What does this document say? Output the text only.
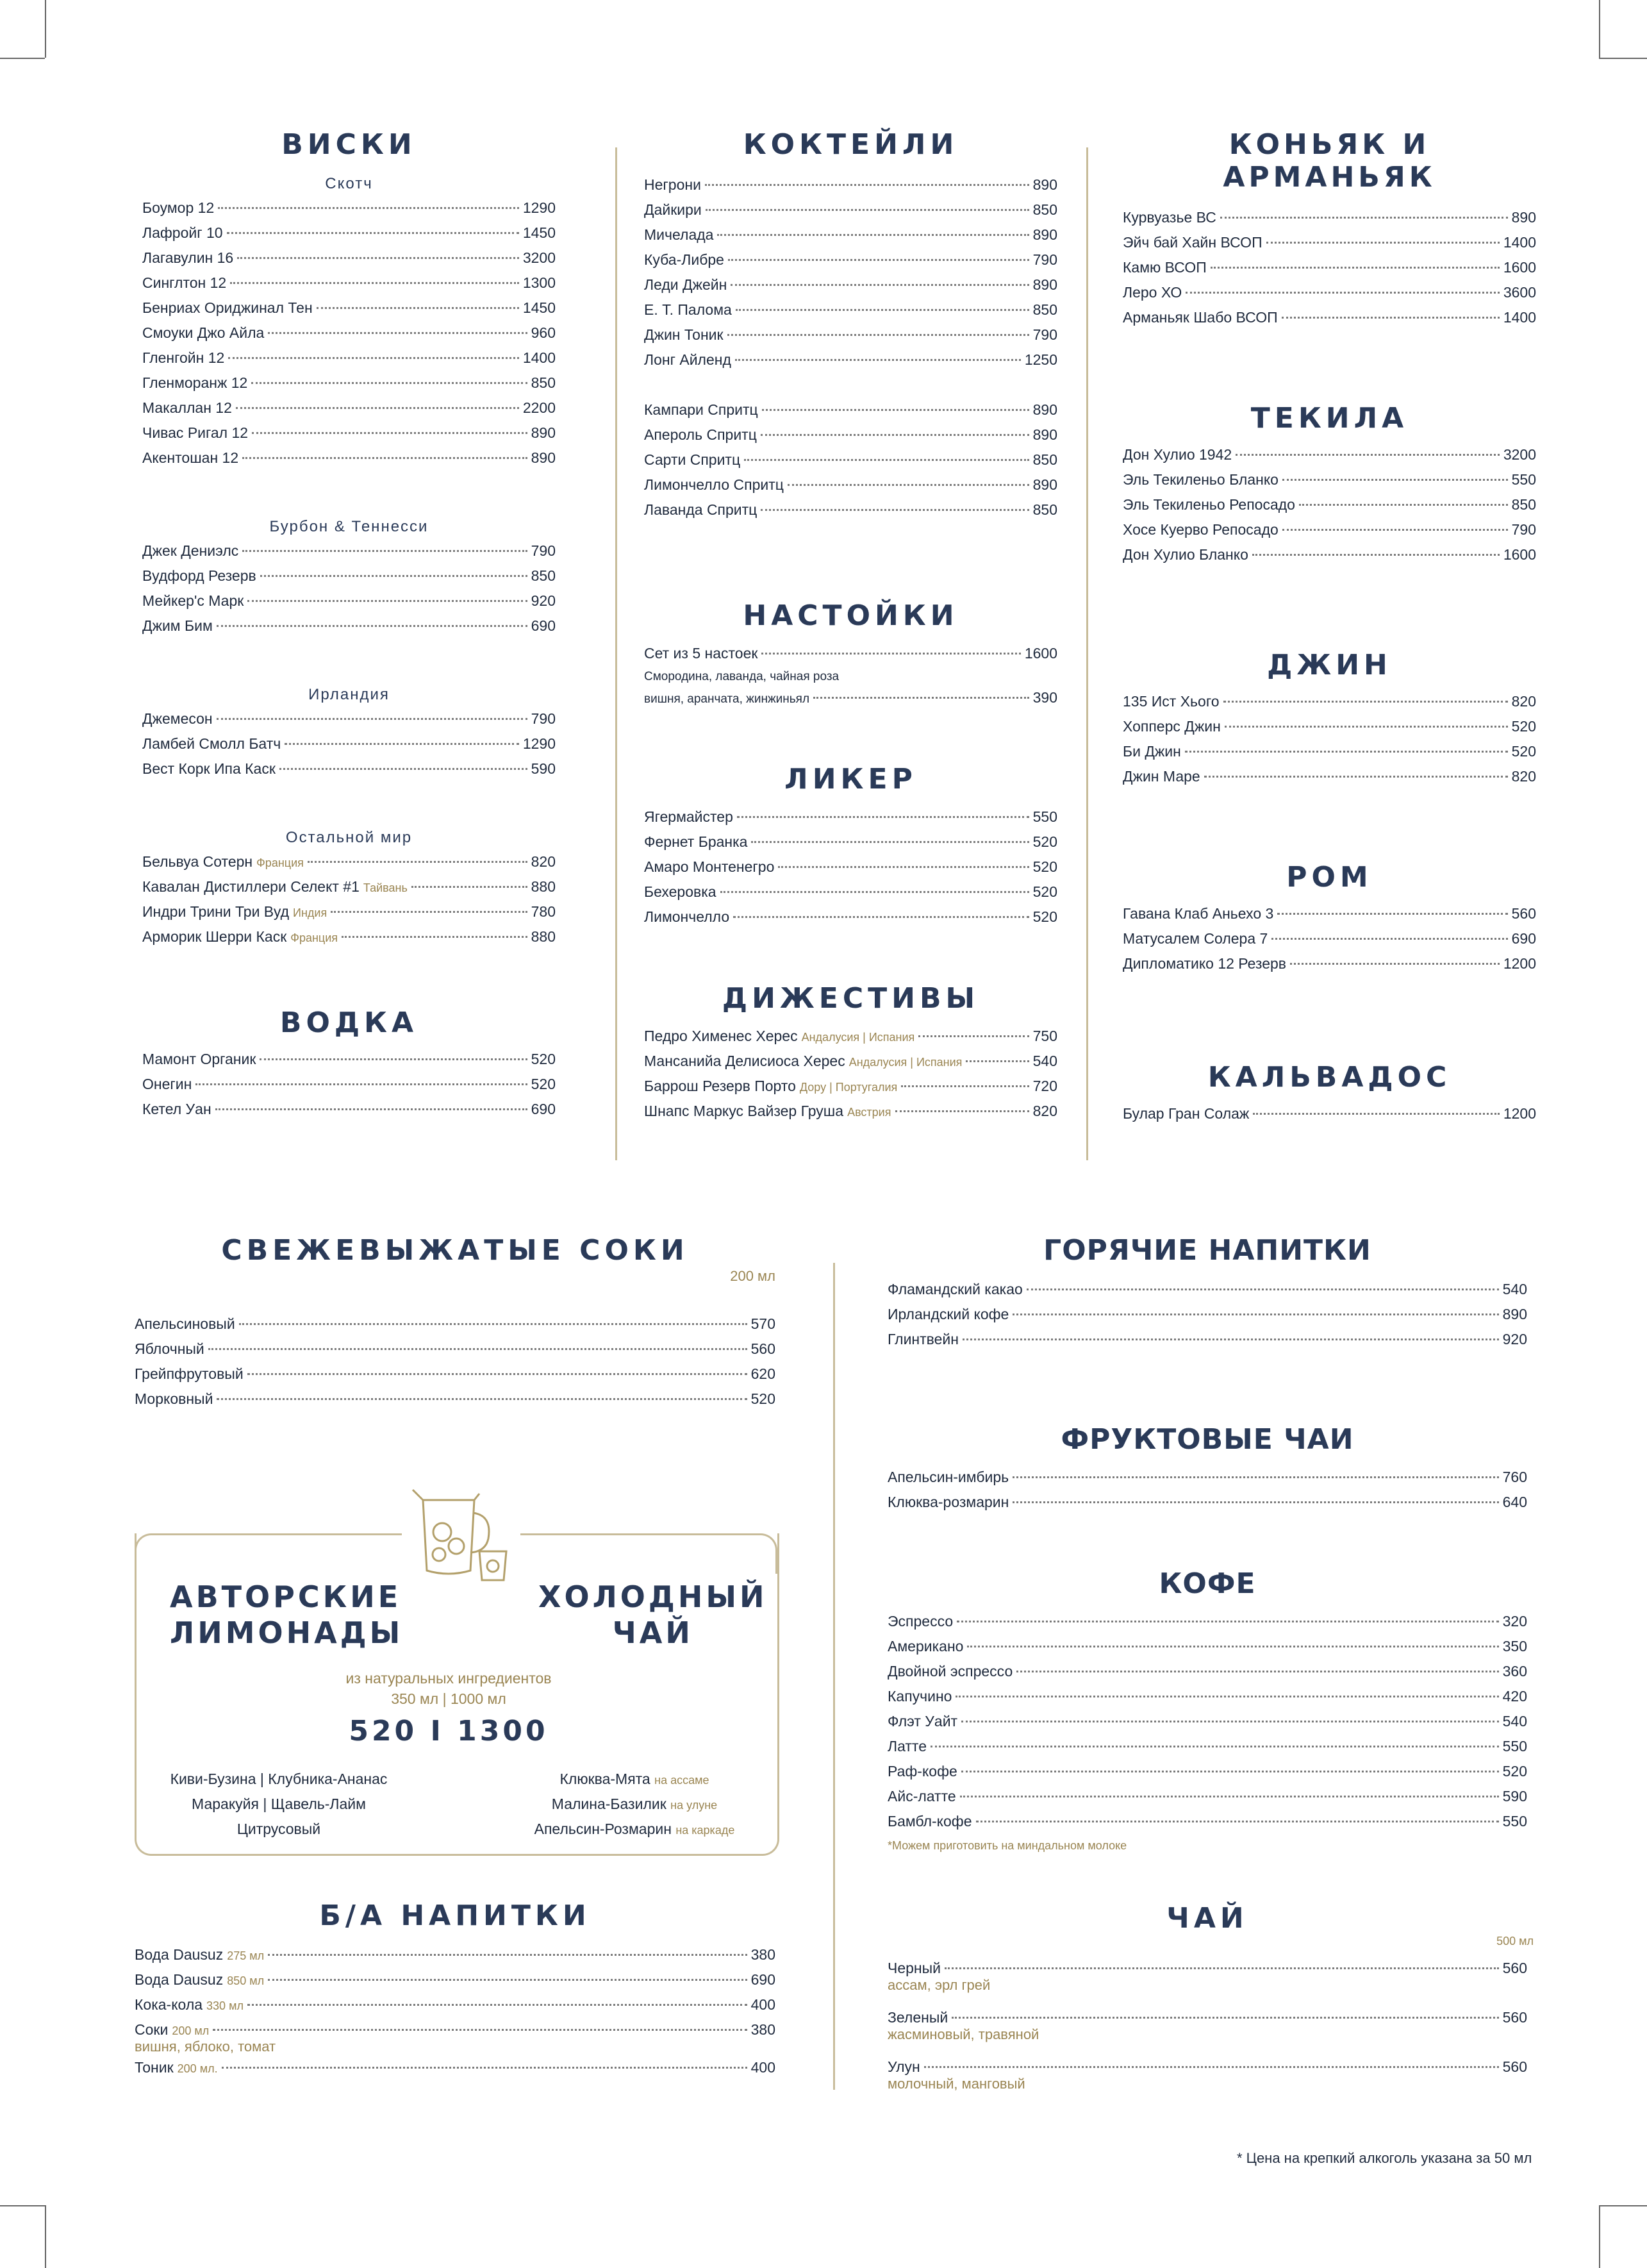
ВИСКИ
Скотч
Боумор 12	1290
Лафройг 10	1450
Лагавулин 16	3200
Синглтон 12	1300
Бенриах Ориджинал Тен	1450
Смоуки Джо Айла	960
Гленгойн 12	1400
Гленморанж 12	850
Макаллан 12	2200
Чивас Ригал 12	890
Акентошан 12	890
Бурбон & Теннесси
Джек Дениэлс	790
Вудфорд Резерв	850
Мейкер'с Марк	920
Джим Бим	690
Ирландия
Джемесон	790
Ламбей Смолл Батч	1290
Вест Корк Ипа Каск	590
Остальной мир
Бельвуа Сотерн Франция	820
Кавалан Дистиллери Селект #1 Тайвань	880
Индри Трини Три Вуд Индия	780
Арморик Шерри Каск Франция	880
ВОДКА
Мамонт Органик	520
Онегин	520
Кетел Уан	690
КОКТЕЙЛИ
Негрони	890
Дайкири	850
Мичелада	890
Куба-Либре	790
Леди Джейн	890
Е. Т. Палома	850
Джин Тоник	790
Лонг Айленд	1250
Кампари Спритц	890
Апероль Спритц	890
Сарти Спритц	850
Лимончелло Спритц	890
Лаванда Спритц	850
НАСТОЙКИ
Сет из 5 настоек	1600
Смородина, лаванда, чайная роза
вишня, аранчата, жинжиньял	390
ЛИКЕР
Ягермайстер	550
Фернет Бранка	520
Амаро Монтенегро	520
Бехеровка	520
Лимончелло	520
ДИЖЕСТИВЫ
Педро Хименес Херес Андалусия | Испания	750
Мансанийа Делисиоса Херес Андалусия | Испания	540
Баррош Резерв Порто Дору | Португалия	720
Шнапс Маркус Вайзер Груша Австрия	820
КОНЬЯК И АРМАНЬЯК
Курвуазье ВС	890
Эйч бай Хайн ВСОП	1400
Камю ВСОП	1600
Леро ХО	3600
Арманьяк Шабо ВСОП	1400
ТЕКИЛА
Дон Хулио 1942	3200
Эль Текиленьо Бланко	550
Эль Текиленьо Репосадо	850
Хосе Куерво Репосадо	790
Дон Хулио Бланко	1600
ДЖИН
135 Ист Хього	820
Хопперс Джин	520
Би Джин	520
Джин Маре	820
РОМ
Гавана Клаб Аньехо 3	560
Матусалем Солера 7	690
Дипломатико 12 Резерв	1200
КАЛЬВАДОС
Булар Гран Солаж	1200
СВЕЖЕВЫЖАТЫЕ СОКИ
200 мл
Апельсиновый	570
Яблочный	560
Грейпфрутовый	620
Морковный	520
АВТОРСКИЕ
ЛИМОНАДЫ
ХОЛОДНЫЙ
ЧАЙ
из натуральных ингредиентов
350 мл | 1000 мл
520 I 1300
Киви-Бузина | Клубника-Ананас
Маракуйя | Щавель-Лайм
Цитрусовый
Клюква-Мята на ассаме
Малина-Базилик на улуне
Апельсин-Розмарин на каркаде
Б/А НАПИТКИ
Вода Dausuz 275 мл	380
Вода Dausuz 850 мл	690
Кока-кола 330 мл	400
Соки 200 мл	380
вишня, яблоко, томат
Тоник 200 мл.	400
ГОРЯЧИЕ НАПИТКИ
Фламандский какао	540
Ирландский кофе	890
Глинтвейн	920
ФРУКТОВЫЕ ЧАИ
Апельсин-имбирь	760
Клюква-розмарин	640
КОФЕ
Эспрессо	320
Американо	350
Двойной эспрессо	360
Капучино	420
Флэт Уайт	540
Латте	550
Раф-кофе	520
Айс-латте	590
Бамбл-кофе	550
*Можем приготовить на миндальном молоке
ЧАЙ
500 мл
Черный	560
ассам, эрл грей
Зеленый	560
жасминовый, травяной
Улун	560
молочный, манговый
* Цена на крепкий алкоголь указана за 50 мл
